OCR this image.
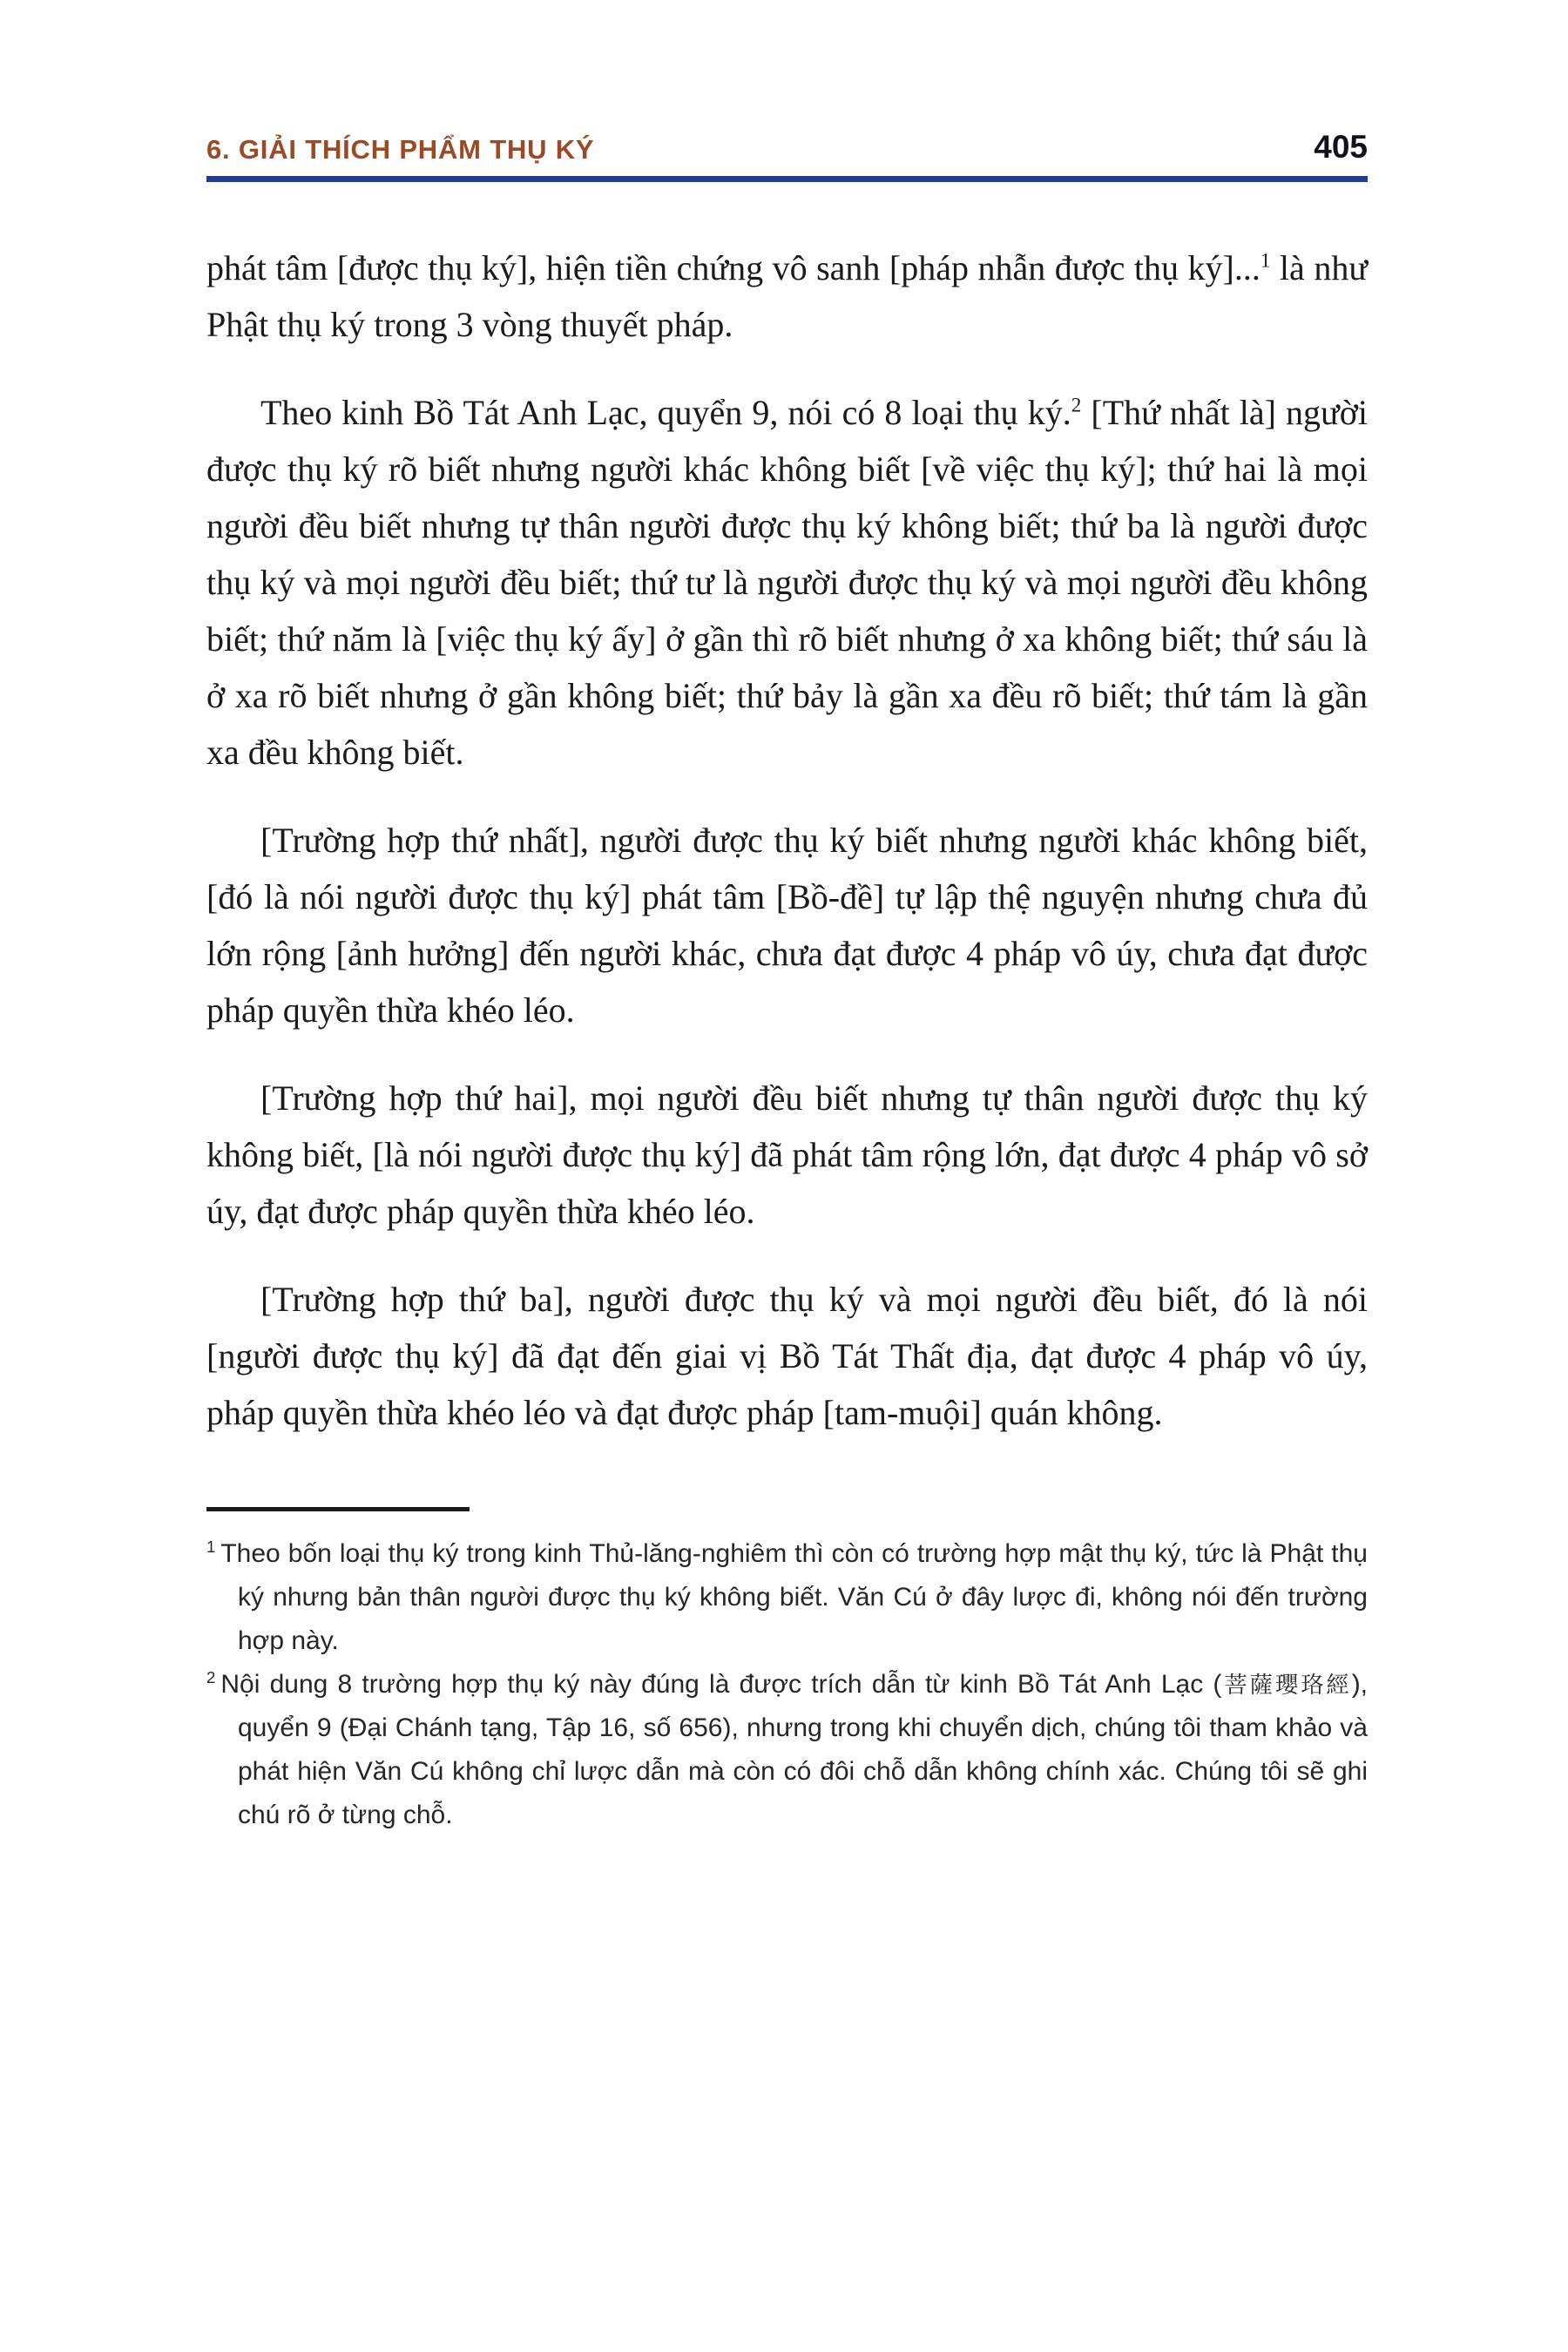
6. GIẢI THÍCH PHẨM THỤ KÝ	405

phát tâm [được thụ ký], hiện tiền chứng vô sanh [pháp nhẫn được thụ ký]...$^1$ là như Phật thụ ký trong 3 vòng thuyết pháp.

Theo kinh Bồ Tát Anh Lạc, quyển 9, nói có 8 loại thụ ký.$^2$ [Thứ nhất là] người được thụ ký rõ biết nhưng người khác không biết [về việc thụ ký]; thứ hai là mọi người đều biết nhưng tự thân người được thụ ký không biết; thứ ba là người được thụ ký và mọi người đều biết; thứ tư là người được thụ ký và mọi người đều không biết; thứ năm là [việc thụ ký ấy] ở gần thì rõ biết nhưng ở xa không biết; thứ sáu là ở xa rõ biết nhưng ở gần không biết; thứ bảy là gần xa đều rõ biết; thứ tám là gần xa đều không biết.

[Trường hợp thứ nhất], người được thụ ký biết nhưng người khác không biết, [đó là nói người được thụ ký] phát tâm [Bồ-đề] tự lập thệ nguyện nhưng chưa đủ lớn rộng [ảnh hưởng] đến người khác, chưa đạt được 4 pháp vô úy, chưa đạt được pháp quyền thừa khéo léo.

[Trường hợp thứ hai], mọi người đều biết nhưng tự thân người được thụ ký không biết, [là nói người được thụ ký] đã phát tâm rộng lớn, đạt được 4 pháp vô sở úy, đạt được pháp quyền thừa khéo léo.

[Trường hợp thứ ba], người được thụ ký và mọi người đều biết, đó là nói [người được thụ ký] đã đạt đến giai vị Bồ Tát Thất địa, đạt được 4 pháp vô úy, pháp quyền thừa khéo léo và đạt được pháp [tam-muội] quán không.

$^1$ Theo bốn loại thụ ký trong kinh Thủ-lăng-nghiêm thì còn có trường hợp mật thụ ký, tức là Phật thụ ký nhưng bản thân người được thụ ký không biết. Văn Cú ở đây lược đi, không nói đến trường hợp này.

$^2$ Nội dung 8 trường hợp thụ ký này đúng là được trích dẫn từ kinh Bồ Tát Anh Lạc (菩薩瓔珞經), quyển 9 (Đại Chánh tạng, Tập 16, số 656), nhưng trong khi chuyển dịch, chúng tôi tham khảo và phát hiện Văn Cú không chỉ lược dẫn mà còn có đôi chỗ dẫn không chính xác. Chúng tôi sẽ ghi chú rõ ở từng chỗ.
